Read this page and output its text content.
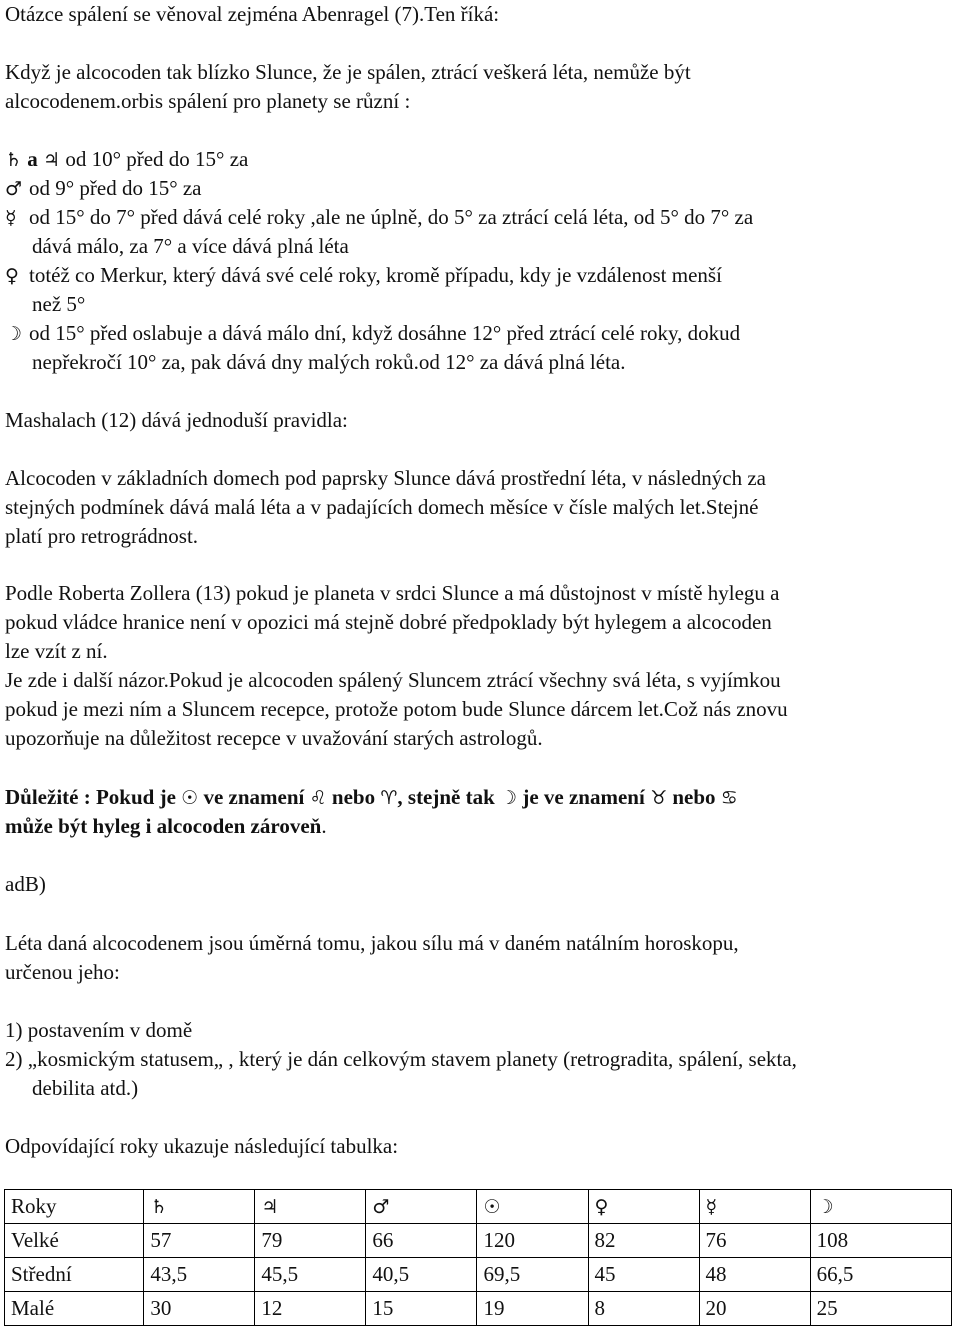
Otázce spálení se věnoval zejména Abenragel (7).Ten říká:
Když je alcocoden tak blízko Slunce, že je spálen, ztrácí veškerá léta, nemůže být
alcocodenem.orbis spálení pro planety se různí :
♄ a ♃ od 10° před do 15° za
♂ od 9° před do 15° za
☿ od 15° do 7° před dává celé roky ,ale ne úplně, do 5° za ztrácí celá léta, od 5° do 7° za
dává málo, za 7° a více dává plná léta
♀ totéž co Merkur, který dává své celé roky, kromě případu, kdy je vzdálenost menší
než 5°
☽ od 15° před oslabuje a dává málo dní, když dosáhne 12° před ztrácí celé roky, dokud
nepřekročí 10° za, pak dává dny malých roků.od 12° za dává plná léta.
Mashalach (12) dává jednoduší pravidla:
Alcocoden v základních domech pod paprsky Slunce dává prostřední léta, v následných za
stejných podmínek dává malá léta a v padajících domech měsíce v čísle malých let.Stejné
platí pro retrográdnost.
Podle Roberta Zollera (13) pokud je planeta v srdci Slunce a má důstojnost v místě hylegu a
pokud vládce hranice není v opozici má stejně dobré předpoklady být hylegem a alcocoden
lze vzít z ní.
Je zde i další názor.Pokud je alcocoden spálený Sluncem ztrácí všechny svá léta, s vyjímkou
pokud je mezi ním a Sluncem recepce, protože potom bude Slunce dárcem let.Což nás znovu
upozorňuje na důležitost recepce v uvažování starých astrologů.
Důležité : Pokud je ☉ ve znamení ♌ nebo ♈, stejně tak ☽ je ve znamení ♉ nebo ♋
může být hyleg i alcocoden zároveň.
adB)
Léta daná alcocodenem jsou úměrná tomu, jakou sílu má v daném natálním horoskopu,
určenou jeho:
1) postavením v domě
2) „kosmickým statusem„ , který je dán celkovým stavem planety (retrogradita, spálení, sekta,
debilita atd.)
Odpovídající roky ukazuje následující tabulka:
Roky	♄	♃	♂	☉	♀	☿	☽
Velké	57	79	66	120	82	76	108
Střední	43,5	45,5	40,5	69,5	45	48	66,5
Malé	30	12	15	19	8	20	25
